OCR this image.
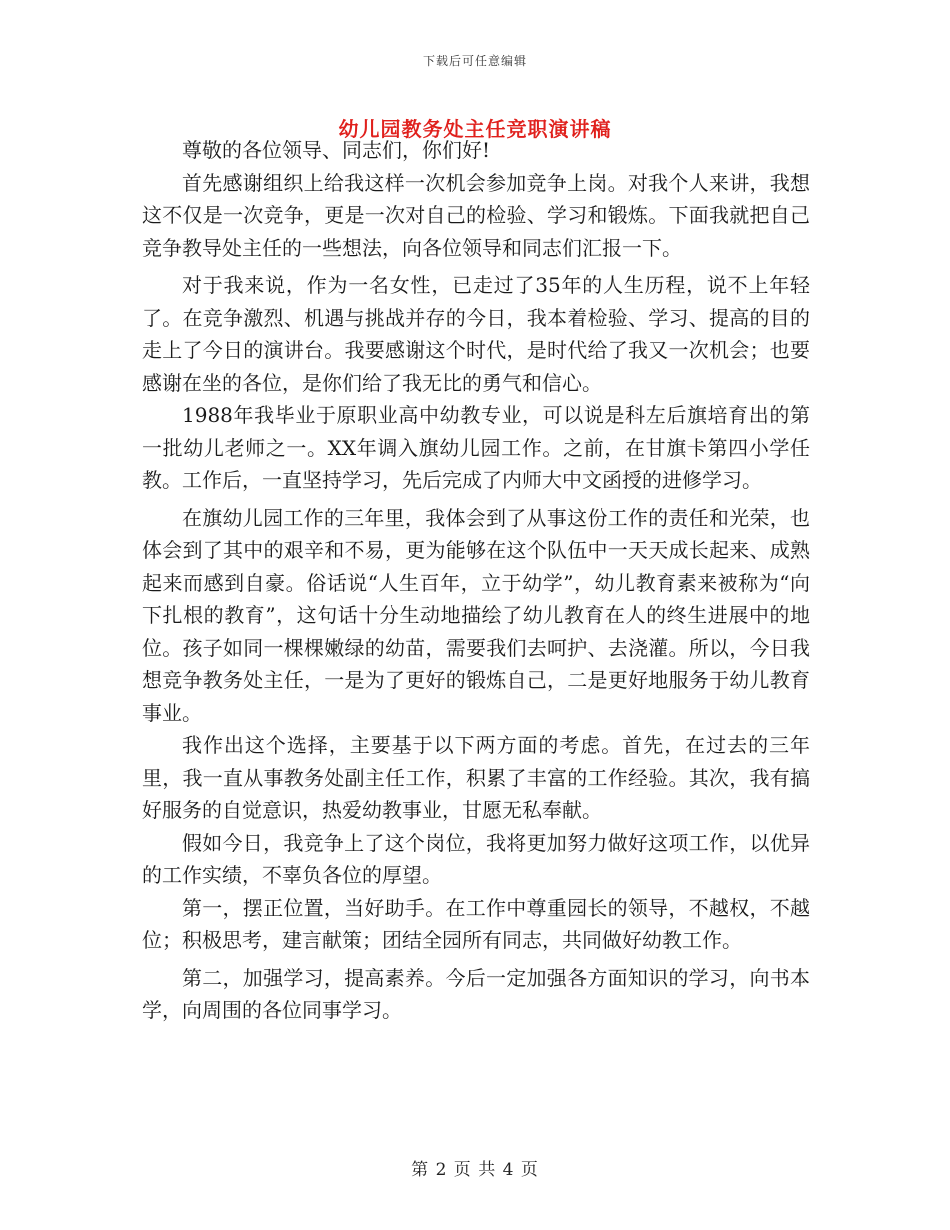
下载后可任意编辑
幼儿园教务处主任竞职演讲稿

尊敬的各位领导、同志们，你们好!

首先感谢组织上给我这样一次机会参加竞争上岗。对我个人来讲，我想这不仅是一次竞争，更是一次对自己的检验、学习和锻炼。下面我就把自己竞争教导处主任的一些想法，向各位领导和同志们汇报一下。

对于我来说，作为一名女性，已走过了35年的人生历程，说不上年轻了。在竞争激烈、机遇与挑战并存的今日，我本着检验、学习、提高的目的走上了今日的演讲台。我要感谢这个时代，是时代给了我又一次机会；也要感谢在坐的各位，是你们给了我无比的勇气和信心。

1988年我毕业于原职业高中幼教专业，可以说是科左后旗培育出的第一批幼儿老师之一。XX年调入旗幼儿园工作。之前，在甘旗卡第四小学任教。工作后，一直坚持学习，先后完成了内师大中文函授的进修学习。

在旗幼儿园工作的三年里，我体会到了从事这份工作的责任和光荣，也体会到了其中的艰辛和不易，更为能够在这个队伍中一天天成长起来、成熟起来而感到自豪。俗话说“人生百年，立于幼学”，幼儿教育素来被称为“向下扎根的教育”，这句话十分生动地描绘了幼儿教育在人的终生进展中的地位。孩子如同一棵棵嫩绿的幼苗，需要我们去呵护、去浇灌。所以，今日我想竞争教务处主任，一是为了更好的锻炼自己，二是更好地服务于幼儿教育事业。

我作出这个选择，主要基于以下两方面的考虑。首先，在过去的三年里，我一直从事教务处副主任工作，积累了丰富的工作经验。其次，我有搞好服务的自觉意识，热爱幼教事业，甘愿无私奉献。

假如今日，我竞争上了这个岗位，我将更加努力做好这项工作，以优异的工作实绩，不辜负各位的厚望。

第一，摆正位置，当好助手。在工作中尊重园长的领导，不越权，不越位；积极思考，建言献策；团结全园所有同志，共同做好幼教工作。

第二，加强学习，提高素养。今后一定加强各方面知识的学习，向书本学，向周围的各位同事学习。

第 2 页 共 4 页
